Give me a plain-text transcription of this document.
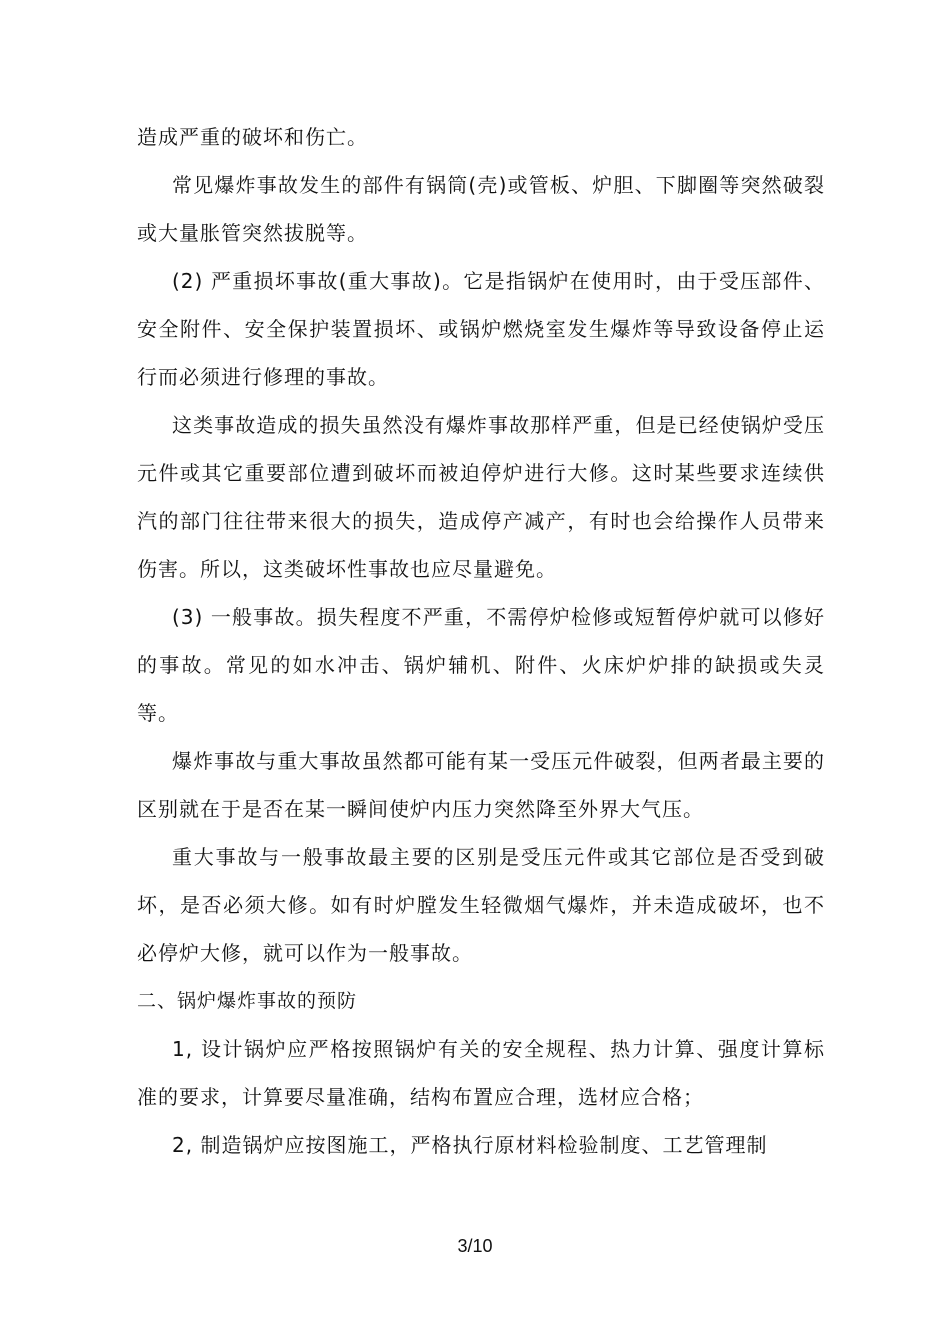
造成严重的破坏和伤亡。

常见爆炸事故发生的部件有锅筒(壳)或管板、炉胆、下脚圈等突然破裂或大量胀管突然拔脱等。

(2) 严重损坏事故(重大事故)。它是指锅炉在使用时，由于受压部件、安全附件、安全保护装置损坏、或锅炉燃烧室发生爆炸等导致设备停止运行而必须进行修理的事故。

这类事故造成的损失虽然没有爆炸事故那样严重，但是已经使锅炉受压元件或其它重要部位遭到破坏而被迫停炉进行大修。这时某些要求连续供汽的部门往往带来很大的损失，造成停产减产，有时也会给操作人员带来伤害。所以，这类破坏性事故也应尽量避免。

(3) 一般事故。损失程度不严重，不需停炉检修或短暂停炉就可以修好的事故。常见的如水冲击、锅炉辅机、附件、火床炉炉排的缺损或失灵等。

爆炸事故与重大事故虽然都可能有某一受压元件破裂，但两者最主要的区别就在于是否在某一瞬间使炉内压力突然降至外界大气压。

重大事故与一般事故最主要的区别是受压元件或其它部位是否受到破坏，是否必须大修。如有时炉膛发生轻微烟气爆炸，并未造成破坏，也不必停炉大修，就可以作为一般事故。

二、锅炉爆炸事故的预防

1, 设计锅炉应严格按照锅炉有关的安全规程、热力计算、强度计算标准的要求，计算要尽量准确，结构布置应合理，选材应合格；

2, 制造锅炉应按图施工，严格执行原材料检验制度、工艺管理制

3/10
